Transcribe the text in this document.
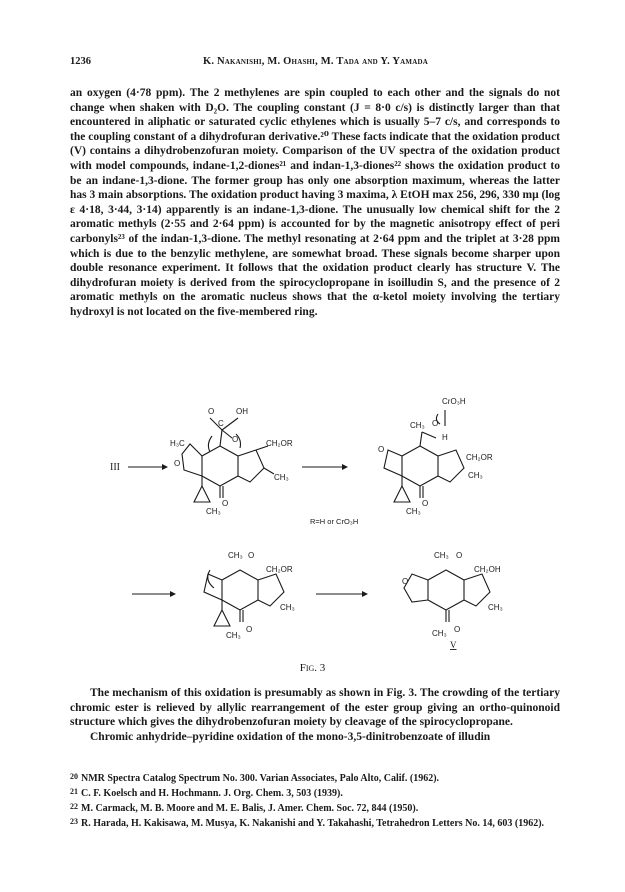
1236	K. Nakanishi, M. Ohashi, M. Tada and Y. Yamada

an oxygen (4·78 ppm). The 2 methylenes are spin coupled to each other and the signals do not change when shaken with D₂O. The coupling constant (J = 8·0 c/s) is distinctly larger than that encountered in aliphatic or saturated cyclic ethylenes which is usually 5–7 c/s, and corresponds to the coupling constant of a dihydrofuran derivative.²⁰ These facts indicate that the oxidation product (V) contains a dihydrobenzofuran moiety. Comparison of the UV spectra of the oxidation product with model compounds, indane-1,2-diones²¹ and indan-1,3-diones²² shows the oxidation product to be an indane-1,3-dione. The former group has only one absorption maximum, whereas the latter has 3 main absorptions. The oxidation product having 3 maxima, λ EtOH max 256, 296, 330 mμ (log ε 4·18, 3·44, 3·14) apparently is an indane-1,3-dione. The unusually low chemical shift for the 2 aromatic methyls (2·55 and 2·64 ppm) is accounted for by the magnetic anisotropy effect of peri carbonyls²³ of the indan-1,3-dione. The methyl resonating at 2·64 ppm and the triplet at 3·28 ppm which is due to the benzylic methylene, are somewhat broad. These signals become sharper upon double resonance experiment. It follows that the oxidation product clearly has structure V. The dihydrofuran moiety is derived from the spirocyclopropane in isoilludin S, and the presence of 2 aromatic methyls on the aromatic nucleus shows that the α-ketol moiety involving the tertiary hydroxyl is not located on the five-membered ring.

O
C
OH
O
H₃C
O
CH₂OR
CH₃
CH₃
O
III
CrO₃H
CH₃ O
H
O
CH₂OR
CH₃
CH₃
O
R=H or CrO₃H
CH₃ O
CH₂OR
CH₃
CH₃
O
CH₃ O
O
CH₂OH
CH₃
CH₃ O
V
Fig. 3

The mechanism of this oxidation is presumably as shown in Fig. 3. The crowding of the tertiary chromic ester is relieved by allylic rearrangement of the ester group giving an ortho-quinonoid structure which gives the dihydrobenzofuran moiety by cleavage of the spirocyclopropane.

Chromic anhydride–pyridine oxidation of the mono-3,5-dinitrobenzoate of illudin

$^{20}$ NMR Spectra Catalog Spectrum No. 300. Varian Associates, Palo Alto, Calif. (1962).
$^{21}$ C. F. Koelsch and H. Hochmann. J. Org. Chem. 3, 503 (1939).
$^{22}$ M. Carmack, M. B. Moore and M. E. Balis, J. Amer. Chem. Soc. 72, 844 (1950).
$^{23}$ R. Harada, H. Kakisawa, M. Musya, K. Nakanishi and Y. Takahashi, Tetrahedron Letters No. 14, 603 (1962).
